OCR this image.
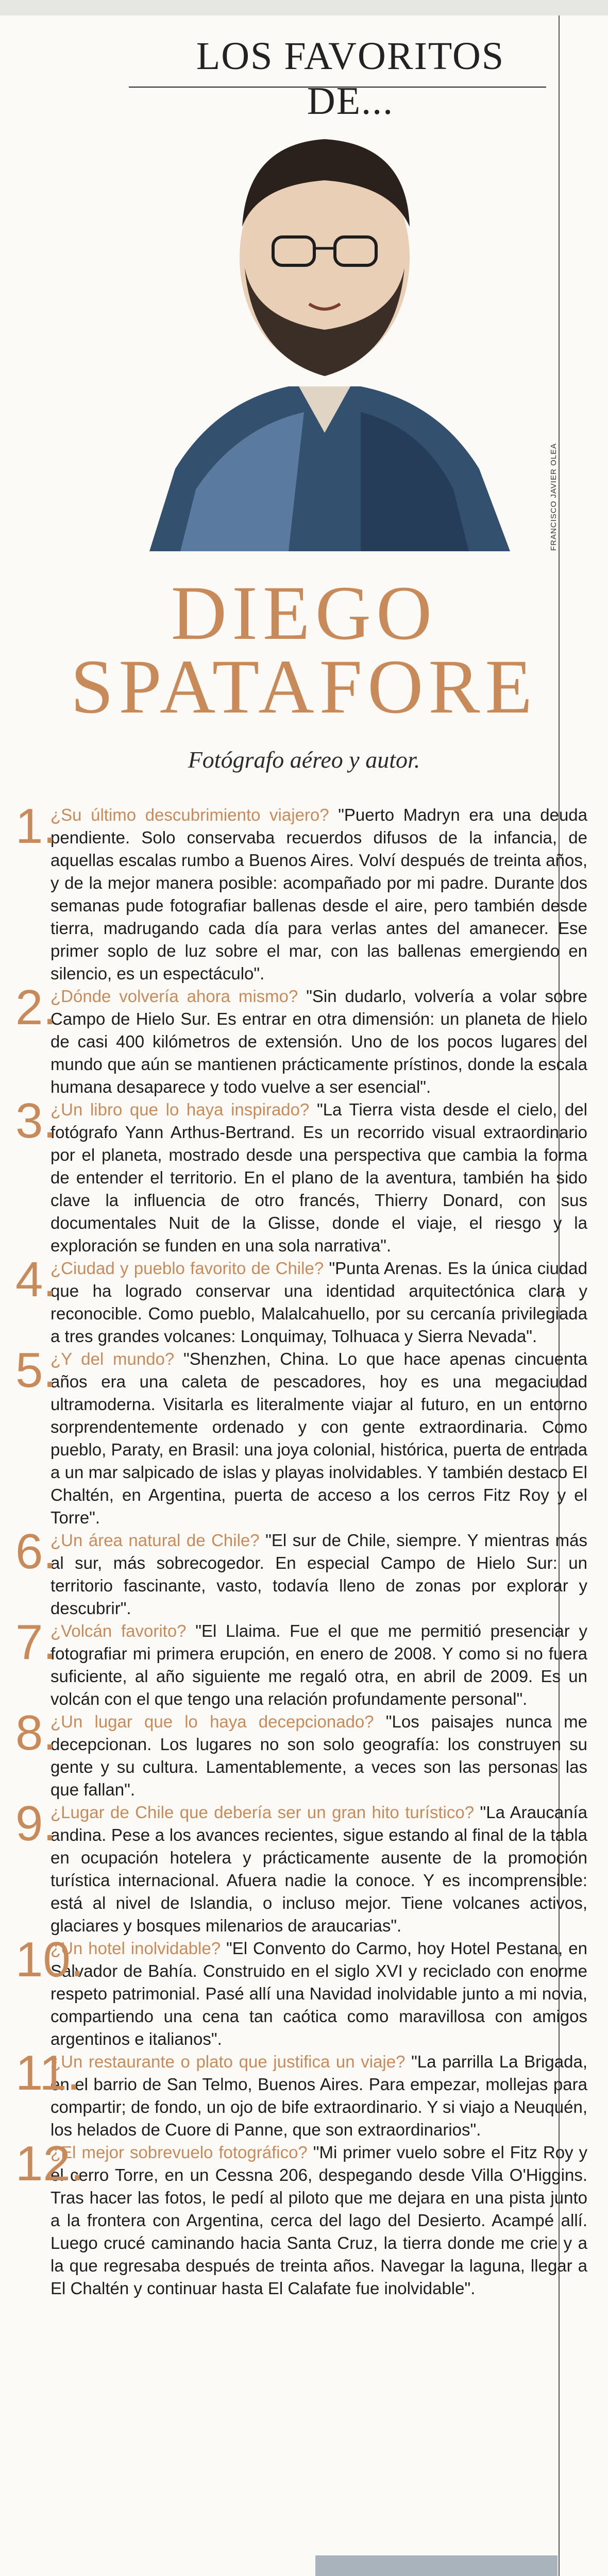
LOS FAVORITOS DE...
FRANCISCO JAVIER OLEA
DIEGO
SPATAFORE
Fotógrafo aéreo y autor.
1.
¿Su último descubrimiento viajero? "Puerto Madryn era una deuda pendiente. Solo conservaba recuerdos difusos de la infancia, de aquellas escalas rumbo a Buenos Aires. Volví después de treinta años, y de la mejor manera posible: acompañado por mi padre. Durante dos semanas pude fotografiar ballenas desde el aire, pero también desde tierra, madrugando cada día para verlas antes del amanecer. Ese primer soplo de luz sobre el mar, con las ballenas emergiendo en silencio, es un espectáculo".
2.
¿Dónde volvería ahora mismo? "Sin dudarlo, volvería a volar sobre Campo de Hielo Sur. Es entrar en otra dimensión: un planeta de hielo de casi 400 kilómetros de extensión. Uno de los pocos lugares del mundo que aún se mantienen prácticamente prístinos, donde la escala humana desaparece y todo vuelve a ser esencial".
3.
¿Un libro que lo haya inspirado? "La Tierra vista desde el cielo, del fotógrafo Yann Arthus-Bertrand. Es un recorrido visual extraordinario por el planeta, mostrado desde una perspectiva que cambia la forma de entender el territorio. En el plano de la aventura, también ha sido clave la influencia de otro francés, Thierry Donard, con sus documentales Nuit de la Glisse, donde el viaje, el riesgo y la exploración se funden en una sola narrativa".
4.
¿Ciudad y pueblo favorito de Chile? "Punta Arenas. Es la única ciudad que ha logrado conservar una identidad arquitectónica clara y reconocible. Como pueblo, Malalcahuello, por su cercanía privilegiada a tres grandes volcanes: Lonquimay, Tolhuaca y Sierra Nevada".
5.
¿Y del mundo? "Shenzhen, China. Lo que hace apenas cincuenta años era una caleta de pescadores, hoy es una megaciudad ultramoderna. Visitarla es literalmente viajar al futuro, en un entorno sorprendentemente ordenado y con gente extraordinaria. Como pueblo, Paraty, en Brasil: una joya colonial, histórica, puerta de entrada a un mar salpicado de islas y playas inolvidables. Y también destaco El Chaltén, en Argentina, puerta de acceso a los cerros Fitz Roy y el Torre".
6.
¿Un área natural de Chile? "El sur de Chile, siempre. Y mientras más al sur, más sobrecogedor. En especial Campo de Hielo Sur: un territorio fascinante, vasto, todavía lleno de zonas por explorar y descubrir".
7.
¿Volcán favorito? "El Llaima. Fue el que me permitió presenciar y fotografiar mi primera erupción, en enero de 2008. Y como si no fuera suficiente, al año siguiente me regaló otra, en abril de 2009. Es un volcán con el que tengo una relación profundamente personal".
8.
¿Un lugar que lo haya decepcionado? "Los paisajes nunca me decepcionan. Los lugares no son solo geografía: los construyen su gente y su cultura. Lamentablemente, a veces son las personas las que fallan".
9.
¿Lugar de Chile que debería ser un gran hito turístico? "La Araucanía andina. Pese a los avances recientes, sigue estando al final de la tabla en ocupación hotelera y prácticamente ausente de la promoción turística internacional. Afuera nadie la conoce. Y es incomprensible: está al nivel de Islandia, o incluso mejor. Tiene volcanes activos, glaciares y bosques milenarios de araucarias".
10.
¿Un hotel inolvidable? "El Convento do Carmo, hoy Hotel Pestana, en Salvador de Bahía. Construido en el siglo XVI y reciclado con enorme respeto patrimonial. Pasé allí una Navidad inolvidable junto a mi novia, compartiendo una cena tan caótica como maravillosa con amigos argentinos e italianos".
11.
¿Un restaurante o plato que justifica un viaje? "La parrilla La Brigada, en el barrio de San Telmo, Buenos Aires. Para empezar, mollejas para compartir; de fondo, un ojo de bife extraordinario. Y si viajo a Neuquén, los helados de Cuore di Panne, que son extraordinarios".
12.
¿El mejor sobrevuelo fotográfico? "Mi primer vuelo sobre el Fitz Roy y el cerro Torre, en un Cessna 206, despegando desde Villa O'Higgins. Tras hacer las fotos, le pedí al piloto que me dejara en una pista junto a la frontera con Argentina, cerca del lago del Desierto. Acampé allí. Luego crucé caminando hacia Santa Cruz, la tierra donde me crie y a la que regresaba después de treinta años. Navegar la laguna, llegar a El Chaltén y continuar hasta El Calafate fue inolvidable".
